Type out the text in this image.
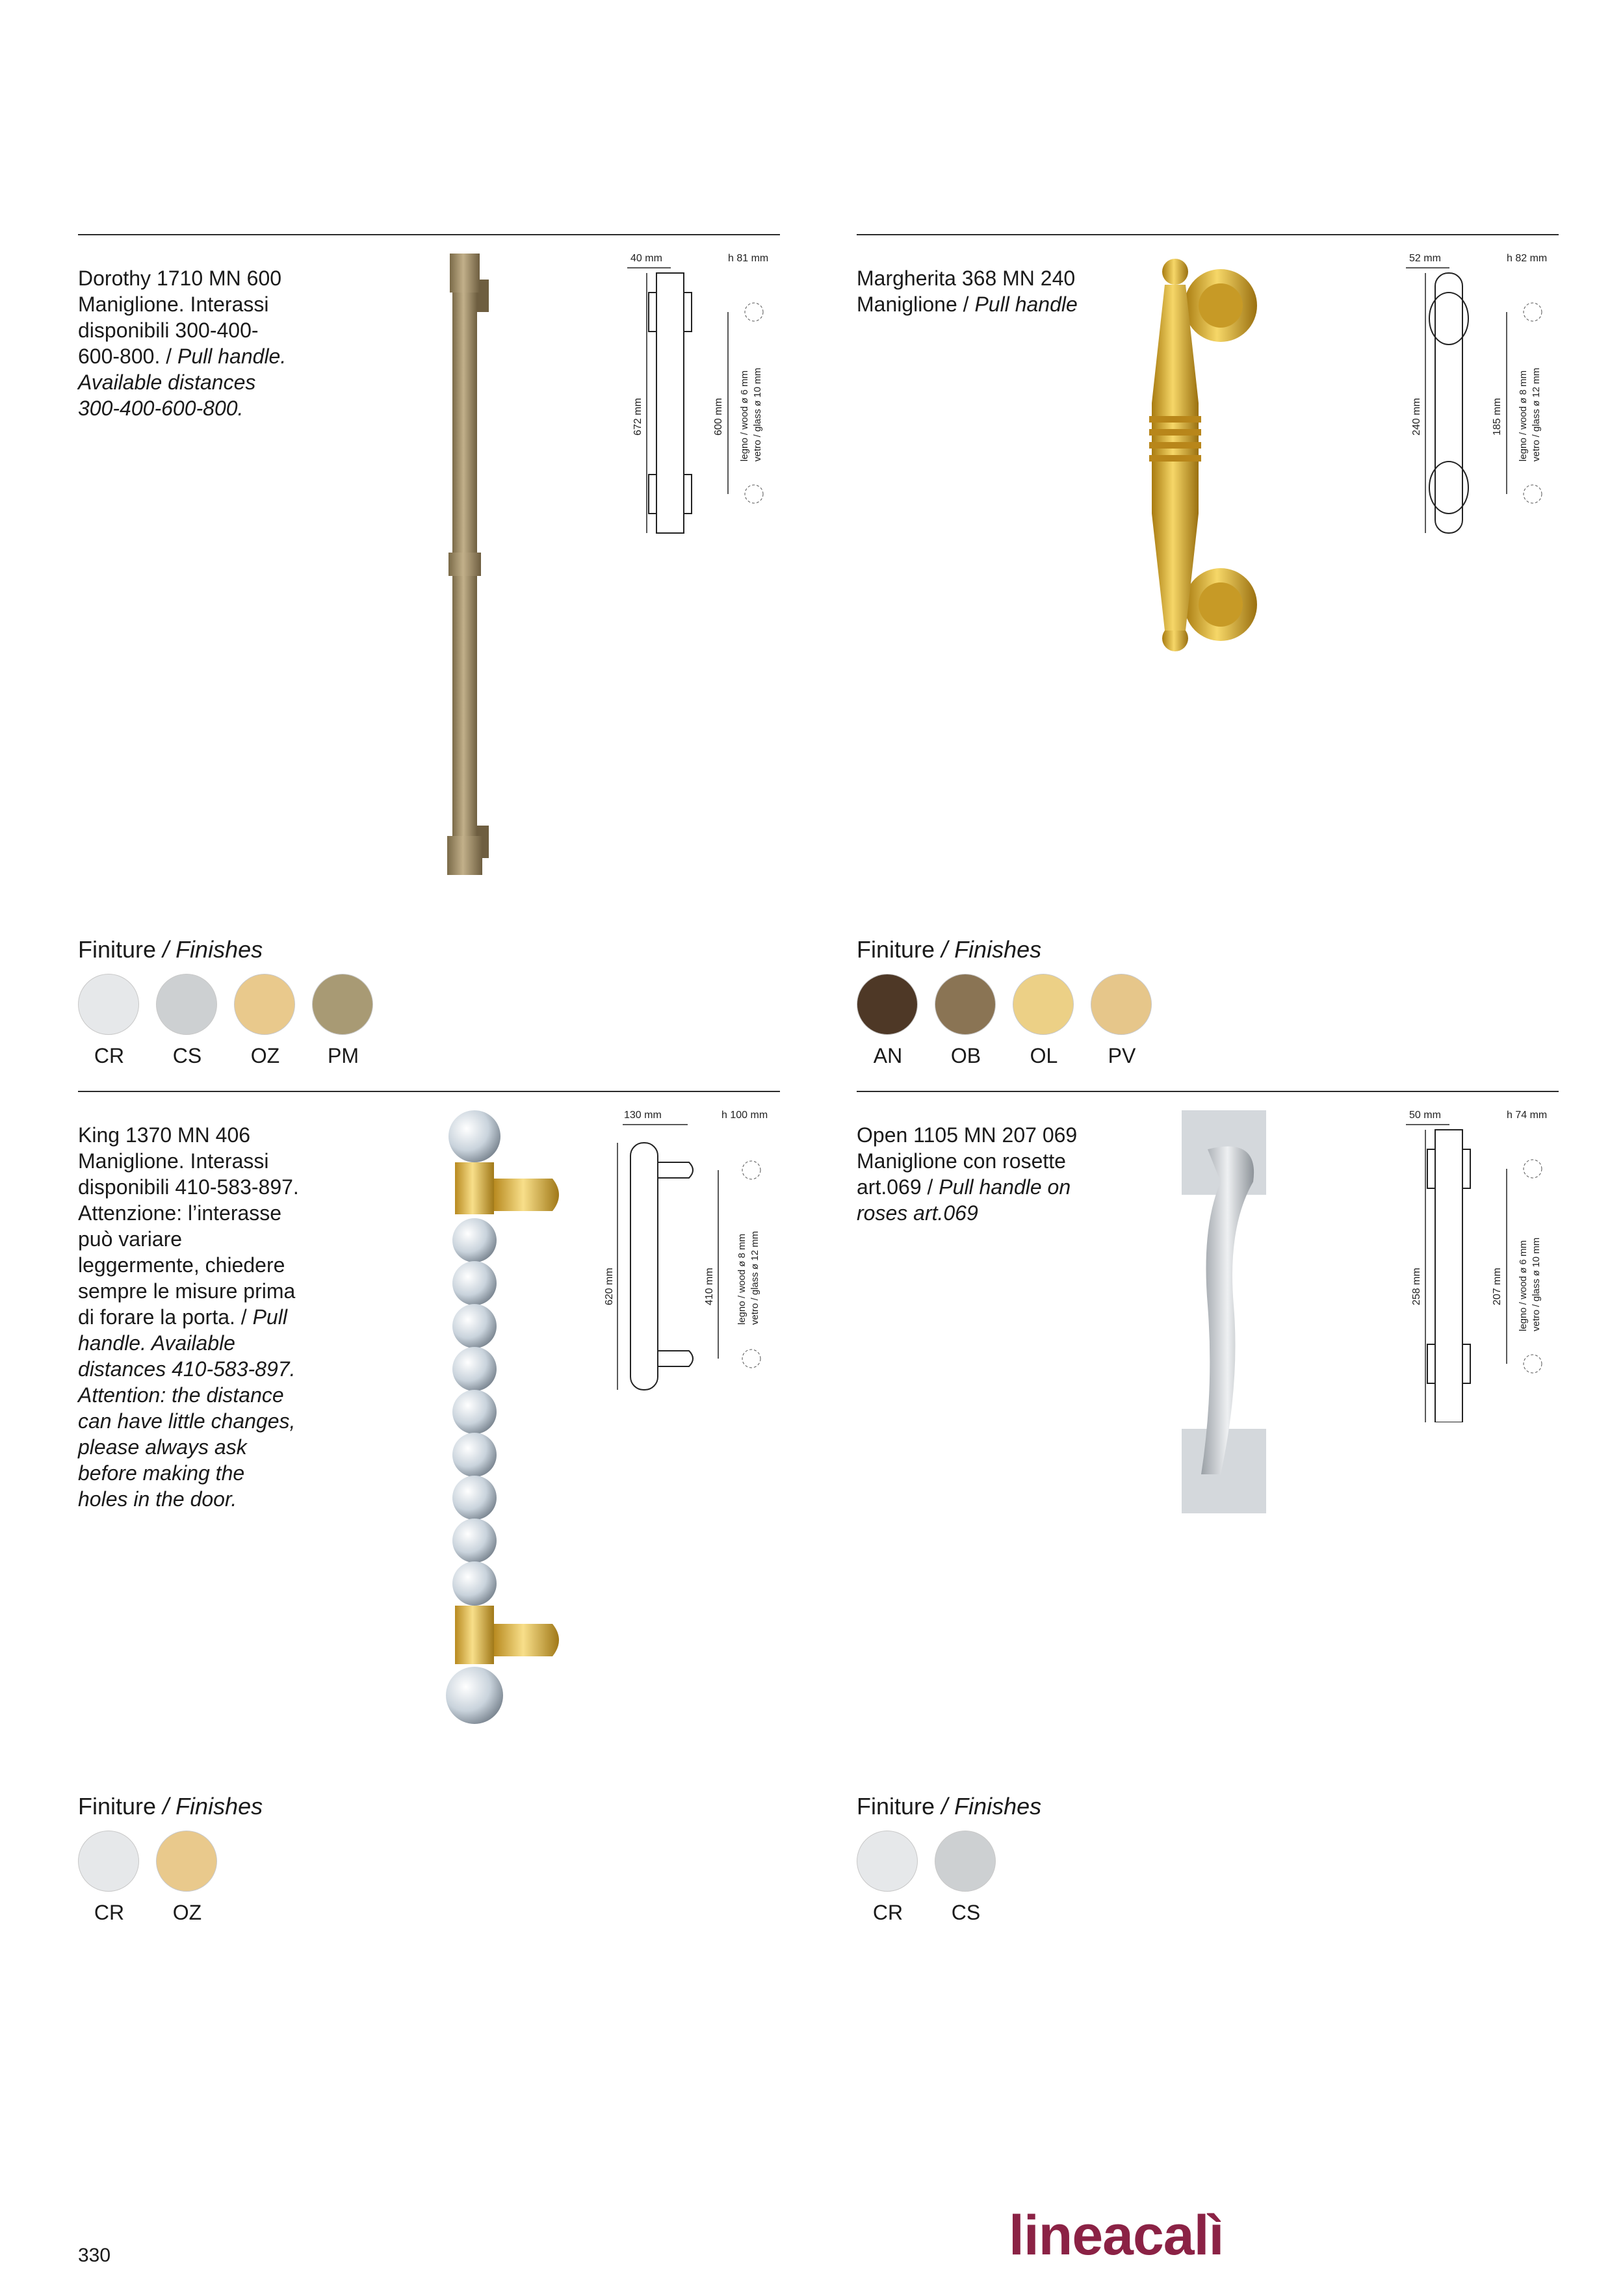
Dorothy 1710 MN 600
Maniglione. Interassi disponibili 300-400-600-800. / Pull handle. Available distances 300-400-600-800.
40 mm	h 81 mm
672 mm	600 mm legno / wood ø 6 mm vetro / glass ø 10 mm
Finiture / Finishes
CR	CS	OZ	PM
Margherita 368 MN 240
Maniglione / Pull handle
52 mm	h 82 mm
240 mm	185 mm legno / wood ø 8 mm vetro / glass ø 12 mm
Finiture / Finishes
AN	OB	OL	PV
King 1370 MN 406
Maniglione. Interassi disponibili 410-583-897. Attenzione: l’interasse può variare leggermente, chiedere sempre le misure prima di forare la porta. / Pull handle. Available distances 410-583-897. Attention: the distance can have little changes, please always ask before making the holes in the door.
130 mm	h 100 mm
620 mm	410 mm legno / wood ø 8 mm vetro / glass ø 12 mm
Finiture / Finishes
CR	OZ
Open 1105 MN 207 069
Maniglione con rosette art.069 / Pull handle on roses art.069
50 mm	h 74 mm
258 mm	207 mm legno / wood ø 6 mm vetro / glass ø 10 mm
Finiture / Finishes
CR	CS
330	lineacalì
